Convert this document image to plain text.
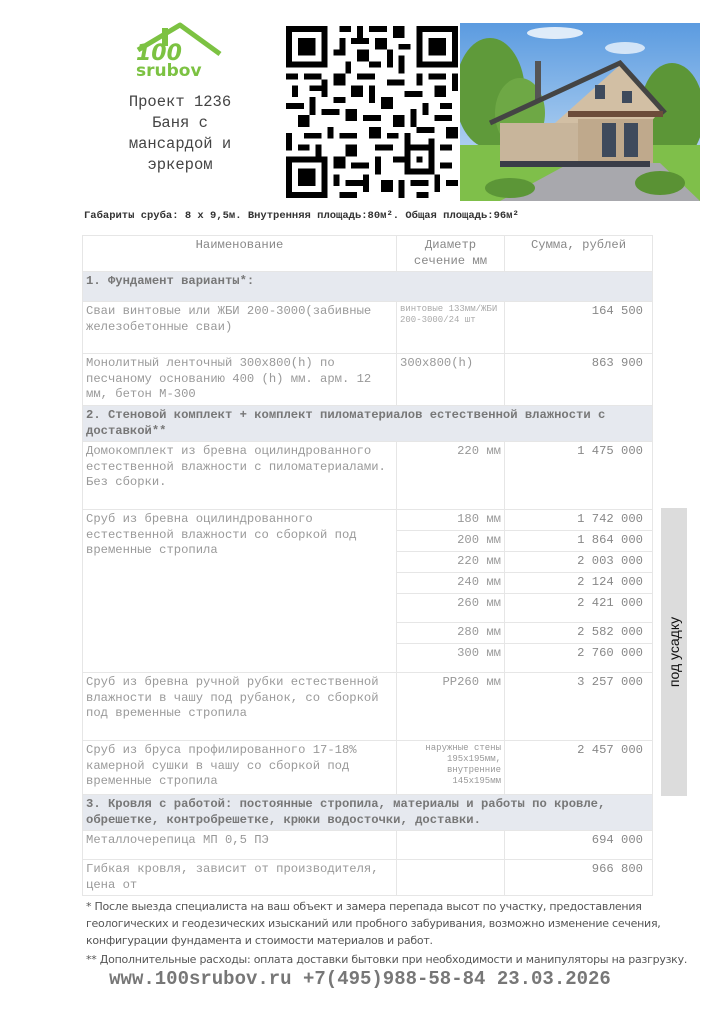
100
srubov
Проект 1236
Баня с
мансардой и
эркером
Габариты сруба: 8 х 9,5м. Внутренняя площадь:80м². Общая площадь:96м²
Наименование	Диаметр сечение мм	Сумма, рублей
1. Фундамент варианты*:		
Сваи винтовые или ЖБИ 200-3000(забивные железобетонные сваи)	винтовые 133мм/ЖБИ 200-3000/24 шт	164 500
Монолитный ленточный 300х800(h) по песчаному основанию 400 (h) мм. арм. 12 мм, бетон М-300	300х800(h)	863 900
2. Стеновой комплект + комплект пиломатериалов естественной влажности с доставкой**		
Домокомплект из бревна оцилиндрованного естественной влажности с пиломатериалами. Без сборки.	220 мм	1 475 000
Сруб из бревна оцилиндрованного естественной влажности со сборкой под временные стропила	180 мм	1 742 000
	200 мм	1 864 000
	220 мм	2 003 000
	240 мм	2 124 000
	260 мм	2 421 000
	280 мм	2 582 000
	300 мм	2 760 000
Сруб из бревна ручной рубки естественной влажности в чашу под рубанок, со сборкой под временные стропила	РР260 мм	3 257 000
Сруб из бруса профилированного 17-18% камерной сушки в чашу со сборкой под временные стропила	наружные стены 195х195мм, внутренние 145х195мм	2 457 000
3. Кровля с работой: постоянные стропила, материалы и работы по кровле, обрешетке, контробрешетке, крюки водосточки, доставки.		
Металлочерепица МП 0,5 ПЭ		694 000
Гибкая кровля, зависит от производителя, цена от		966 800
под усадку

* После выезда специалиста на ваш объект и замера перепада высот по участку, предоставления геологических и геодезических изысканий или пробного забуривания, возможно изменение сечения, конфигурации фундамента и стоимости материалов и работ.

** Дополнительные расходы: оплата доставки бытовки при необходимости и манипуляторы на разгрузку.

www.100srubov.ru +7(495)988-58-84 23.03.2026
